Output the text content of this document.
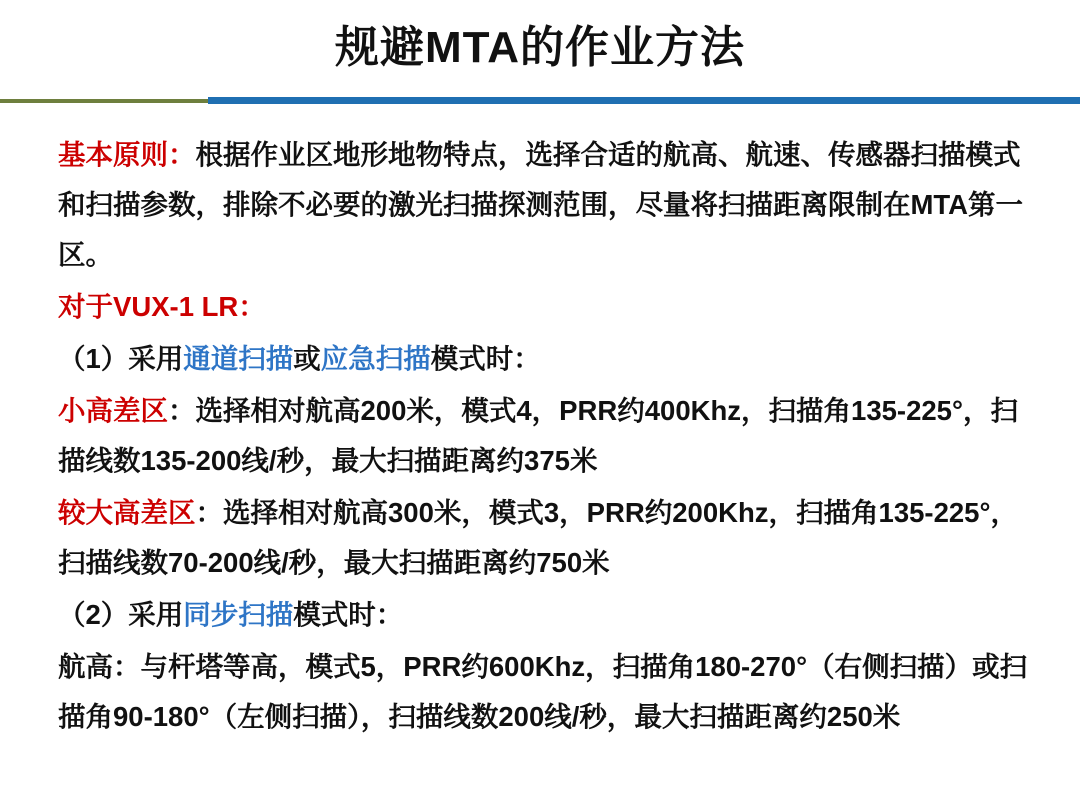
规避MTA的作业方法

基本原则：根据作业区地形地物特点，选择合适的航高、航速、传感器扫描模式和扫描参数，排除不必要的激光扫描探测范围，尽量将扫描距离限制在MTA第一区。

对于VUX-1 LR：

（1）采用通道扫描或应急扫描模式时：

小高差区：选择相对航高200米，模式4，PRR约400Khz，扫描角135-225°，扫描线数135-200线/秒，最大扫描距离约375米

较大高差区：选择相对航高300米，模式3，PRR约200Khz，扫描角135-225°，扫描线数70-200线/秒，最大扫描距离约750米

（2）采用同步扫描模式时：

航高：与杆塔等高，模式5，PRR约600Khz，扫描角180-270°（右侧扫描）或扫描角90-180°（左侧扫描），扫描线数200线/秒，最大扫描距离约250米
